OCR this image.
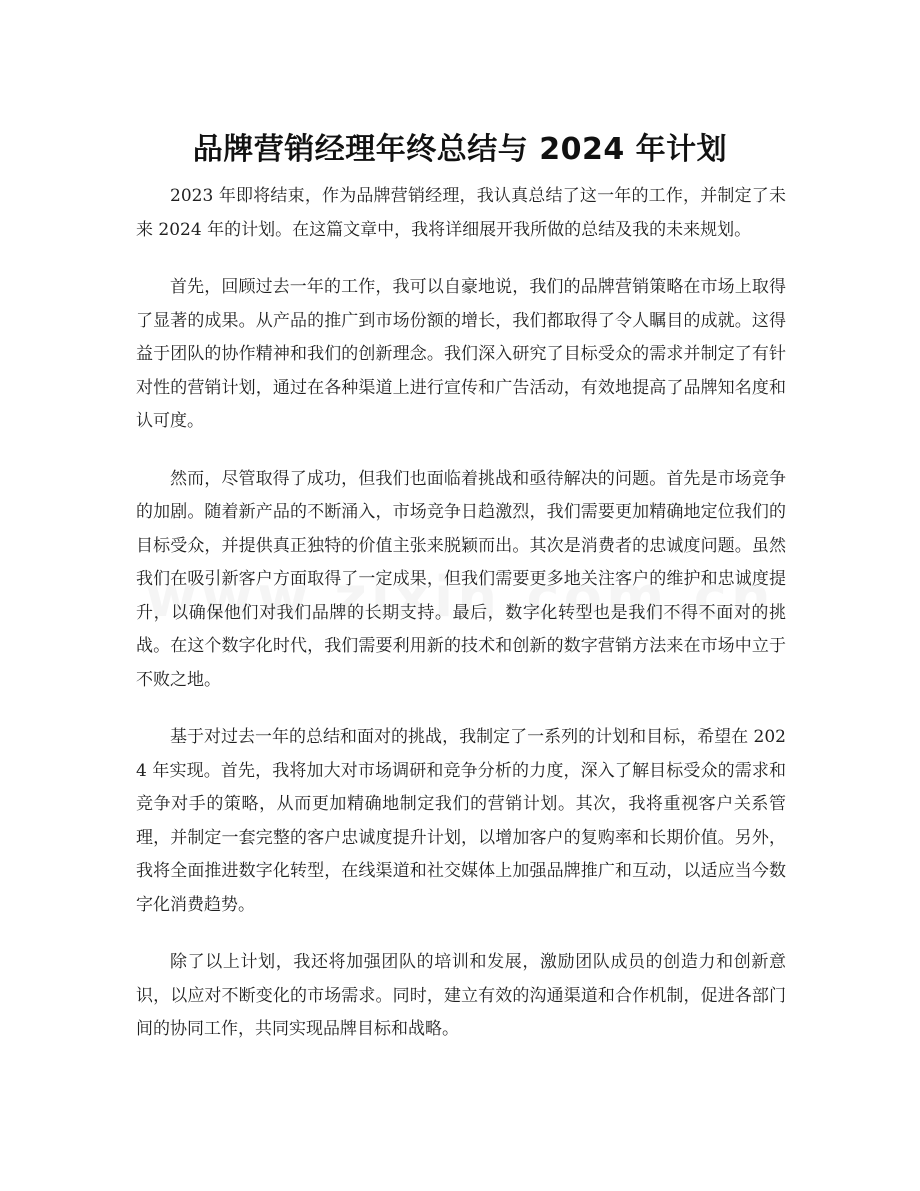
品牌营销经理年终总结与 2024 年计划

2023 年即将结束，作为品牌营销经理，我认真总结了这一年的工作，并制定了未来 2024 年的计划。在这篇文章中，我将详细展开我所做的总结及我的未来规划。

首先，回顾过去一年的工作，我可以自豪地说，我们的品牌营销策略在市场上取得了显著的成果。从产品的推广到市场份额的增长，我们都取得了令人瞩目的成就。这得益于团队的协作精神和我们的创新理念。我们深入研究了目标受众的需求并制定了有针对性的营销计划，通过在各种渠道上进行宣传和广告活动，有效地提高了品牌知名度和认可度。

然而，尽管取得了成功，但我们也面临着挑战和亟待解决的问题。首先是市场竞争的加剧。随着新产品的不断涌入，市场竞争日趋激烈，我们需要更加精确地定位我们的目标受众，并提供真正独特的价值主张来脱颖而出。其次是消费者的忠诚度问题。虽然我们在吸引新客户方面取得了一定成果，但我们需要更多地关注客户的维护和忠诚度提升，以确保他们对我们品牌的长期支持。最后，数字化转型也是我们不得不面对的挑战。在这个数字化时代，我们需要利用新的技术和创新的数字营销方法来在市场中立于不败之地。

基于对过去一年的总结和面对的挑战，我制定了一系列的计划和目标，希望在 2024 年实现。首先，我将加大对市场调研和竞争分析的力度，深入了解目标受众的需求和竞争对手的策略，从而更加精确地制定我们的营销计划。其次，我将重视客户关系管理，并制定一套完整的客户忠诚度提升计划，以增加客户的复购率和长期价值。另外，我将全面推进数字化转型，在线渠道和社交媒体上加强品牌推广和互动，以适应当今数字化消费趋势。

除了以上计划，我还将加强团队的培训和发展，激励团队成员的创造力和创新意识，以应对不断变化的市场需求。同时，建立有效的沟通渠道和合作机制，促进各部门间的协同工作，共同实现品牌目标和战略。
